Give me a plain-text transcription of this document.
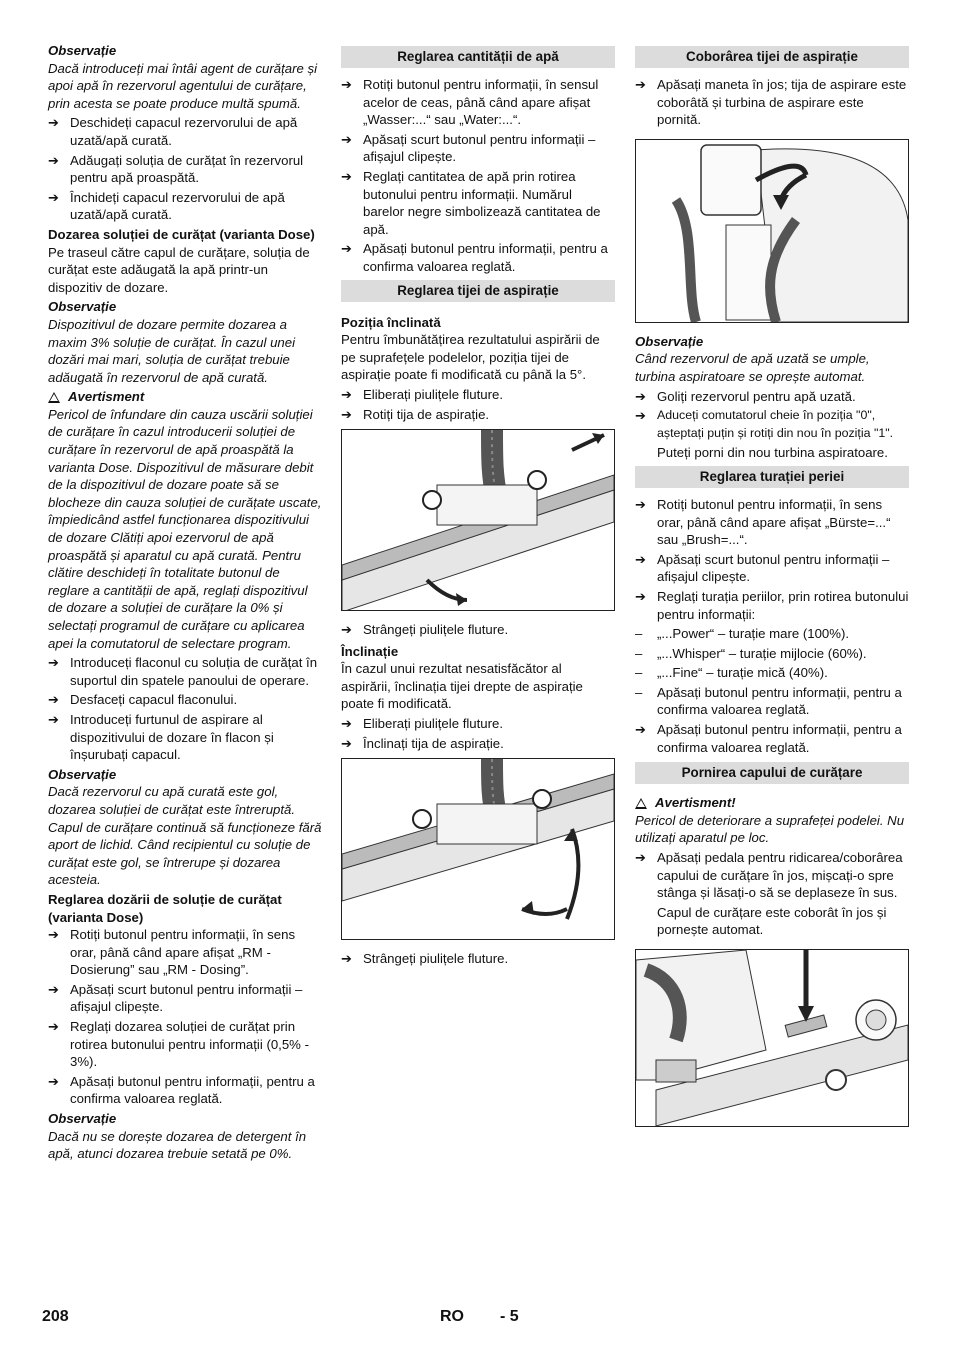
Observație
Dacă introduceți mai întâi agent de curățare și apoi apă în rezervorul agentului de curățare, prin acesta se poate produce multă spumă.
➔ Deschideți capacul rezervorului de apă uzată/apă curată.
➔ Adăugați soluția de curățat în rezervorul pentru apă proaspătă.
➔ Închideți capacul rezervorului de apă uzată/apă curată.
Dozarea soluției de curățat (varianta Dose)
Pe traseul către capul de curățare, soluția de curățat este adăugată la apă printr-un dispozitiv de dozare.
Observație
Dispozitivul de dozare permite dozarea a maxim 3% soluție de curățat. În cazul unei dozări mai mari, soluția de curățat trebuie adăugată în rezervorul de apă curată.
Avertisment
Pericol de înfundare din cauza uscării soluției de curățare în cazul introducerii soluției de curățare în rezervorul de apă proaspătă la varianta Dose. Dispozitivul de măsurare debit de la dispozitivul de dozare poate să se blocheze din cauza soluției de curățate uscate, împiedicând astfel funcționarea dispozitivului de dozare Clătiți apoi ezervorul de apă proaspătă și aparatul cu apă curată. Pentru clătire deschideți în totalitate butonul de reglare a cantității de apă, reglați dispozitivul de dozare a soluției de curățare la 0% și selectați programul de curățare cu aplicarea apei la comutatorul de selectare program.
➔ Introduceți flaconul cu soluția de curățat în suportul din spatele panoului de operare.
➔ Desfaceți capacul flaconului.
➔ Introduceți furtunul de aspirare al dispozitivului de dozare în flacon și înșurubați capacul.
Observație
Dacă rezervorul cu apă curată este gol, dozarea soluției de curățat este întreruptă. Capul de curățare continuă să funcționeze fără aport de lichid. Când recipientul cu soluție de curățat este gol, se întrerupe și dozarea acesteia.
Reglarea dozării de soluție de curățat (varianta Dose)
➔ Rotiți butonul pentru informații, în sens orar, până când apare afișat „RM - Dosierung” sau „RM - Dosing”.
➔ Apăsați scurt butonul pentru informații – afișajul clipește.
➔ Reglați dozarea soluției de curățat prin rotirea butonului pentru informații (0,5% - 3%).
➔ Apăsați butonul pentru informații, pentru a confirma valoarea reglată.
Observație
Dacă nu se dorește dozarea de detergent în apă, atunci dozarea trebuie setată pe 0%.
Reglarea cantității de apă
➔ Rotiți butonul pentru informații, în sensul acelor de ceas, până când apare afișat „Wasser:...“ sau „Water:...“.
➔ Apăsați scurt butonul pentru informații – afișajul clipește.
➔ Reglați cantitatea de apă prin rotirea butonului pentru informații. Numărul barelor negre simbolizează cantitatea de apă.
➔ Apăsați butonul pentru informații, pentru a confirma valoarea reglată.
Reglarea tijei de aspirație
Poziția înclinată
Pentru îmbunătățirea rezultatului aspirării de pe suprafețele podelelor, poziția tijei de aspirație poate fi modificată cu până la 5°.
➔ Eliberați piulițele fluture.
➔ Rotiți tija de aspirație.
➔ Strângeți piulițele fluture.
Înclinație
În cazul unui rezultat nesatisfăcător al aspirării, înclinația tijei drepte de aspirație poate fi modificată.
➔ Eliberați piulițele fluture.
➔ Înclinați tija de aspirație.
➔ Strângeți piulițele fluture.
Coborârea tijei de aspirație
➔ Apăsați maneta în jos; tija de aspirare este coborâtă și turbina de aspirare este pornită.
Observație
Când rezervorul de apă uzată se umple, turbina aspiratoare se oprește automat.
➔ Goliți rezervorul pentru apă uzată.
➔ Aduceți comutatorul cheie în poziția "0", așteptați puțin și rotiți din nou în poziția "1".
Puteți porni din nou turbina aspiratoare.
Reglarea turației periei
➔ Rotiți butonul pentru informații, în sens orar, până când apare afișat „Bürste=...“ sau „Brush=...“.
➔ Apăsați scurt butonul pentru informații – afișajul clipește.
➔ Reglați turația periilor, prin rotirea butonului pentru informații:
–	„...Power“ – turație mare (100%).
–	„...Whisper“ – turație mijlocie (60%).
–	„...Fine“ – turație mică (40%).
–	Apăsați butonul pentru informații, pentru a confirma valoarea reglată.
➔ Apăsați butonul pentru informații, pentru a confirma valoarea reglată.
Pornirea capului de curățare
Avertisment!
Pericol de deteriorare a suprafeței podelei. Nu utilizați aparatul pe loc.
➔ Apăsați pedala pentru ridicarea/coborârea capului de curățare în jos, mișcați-o spre stânga și lăsați-o să se deplaseze în sus.
Capul de curățare este coborât în jos și pornește automat.
208	RO - 5
